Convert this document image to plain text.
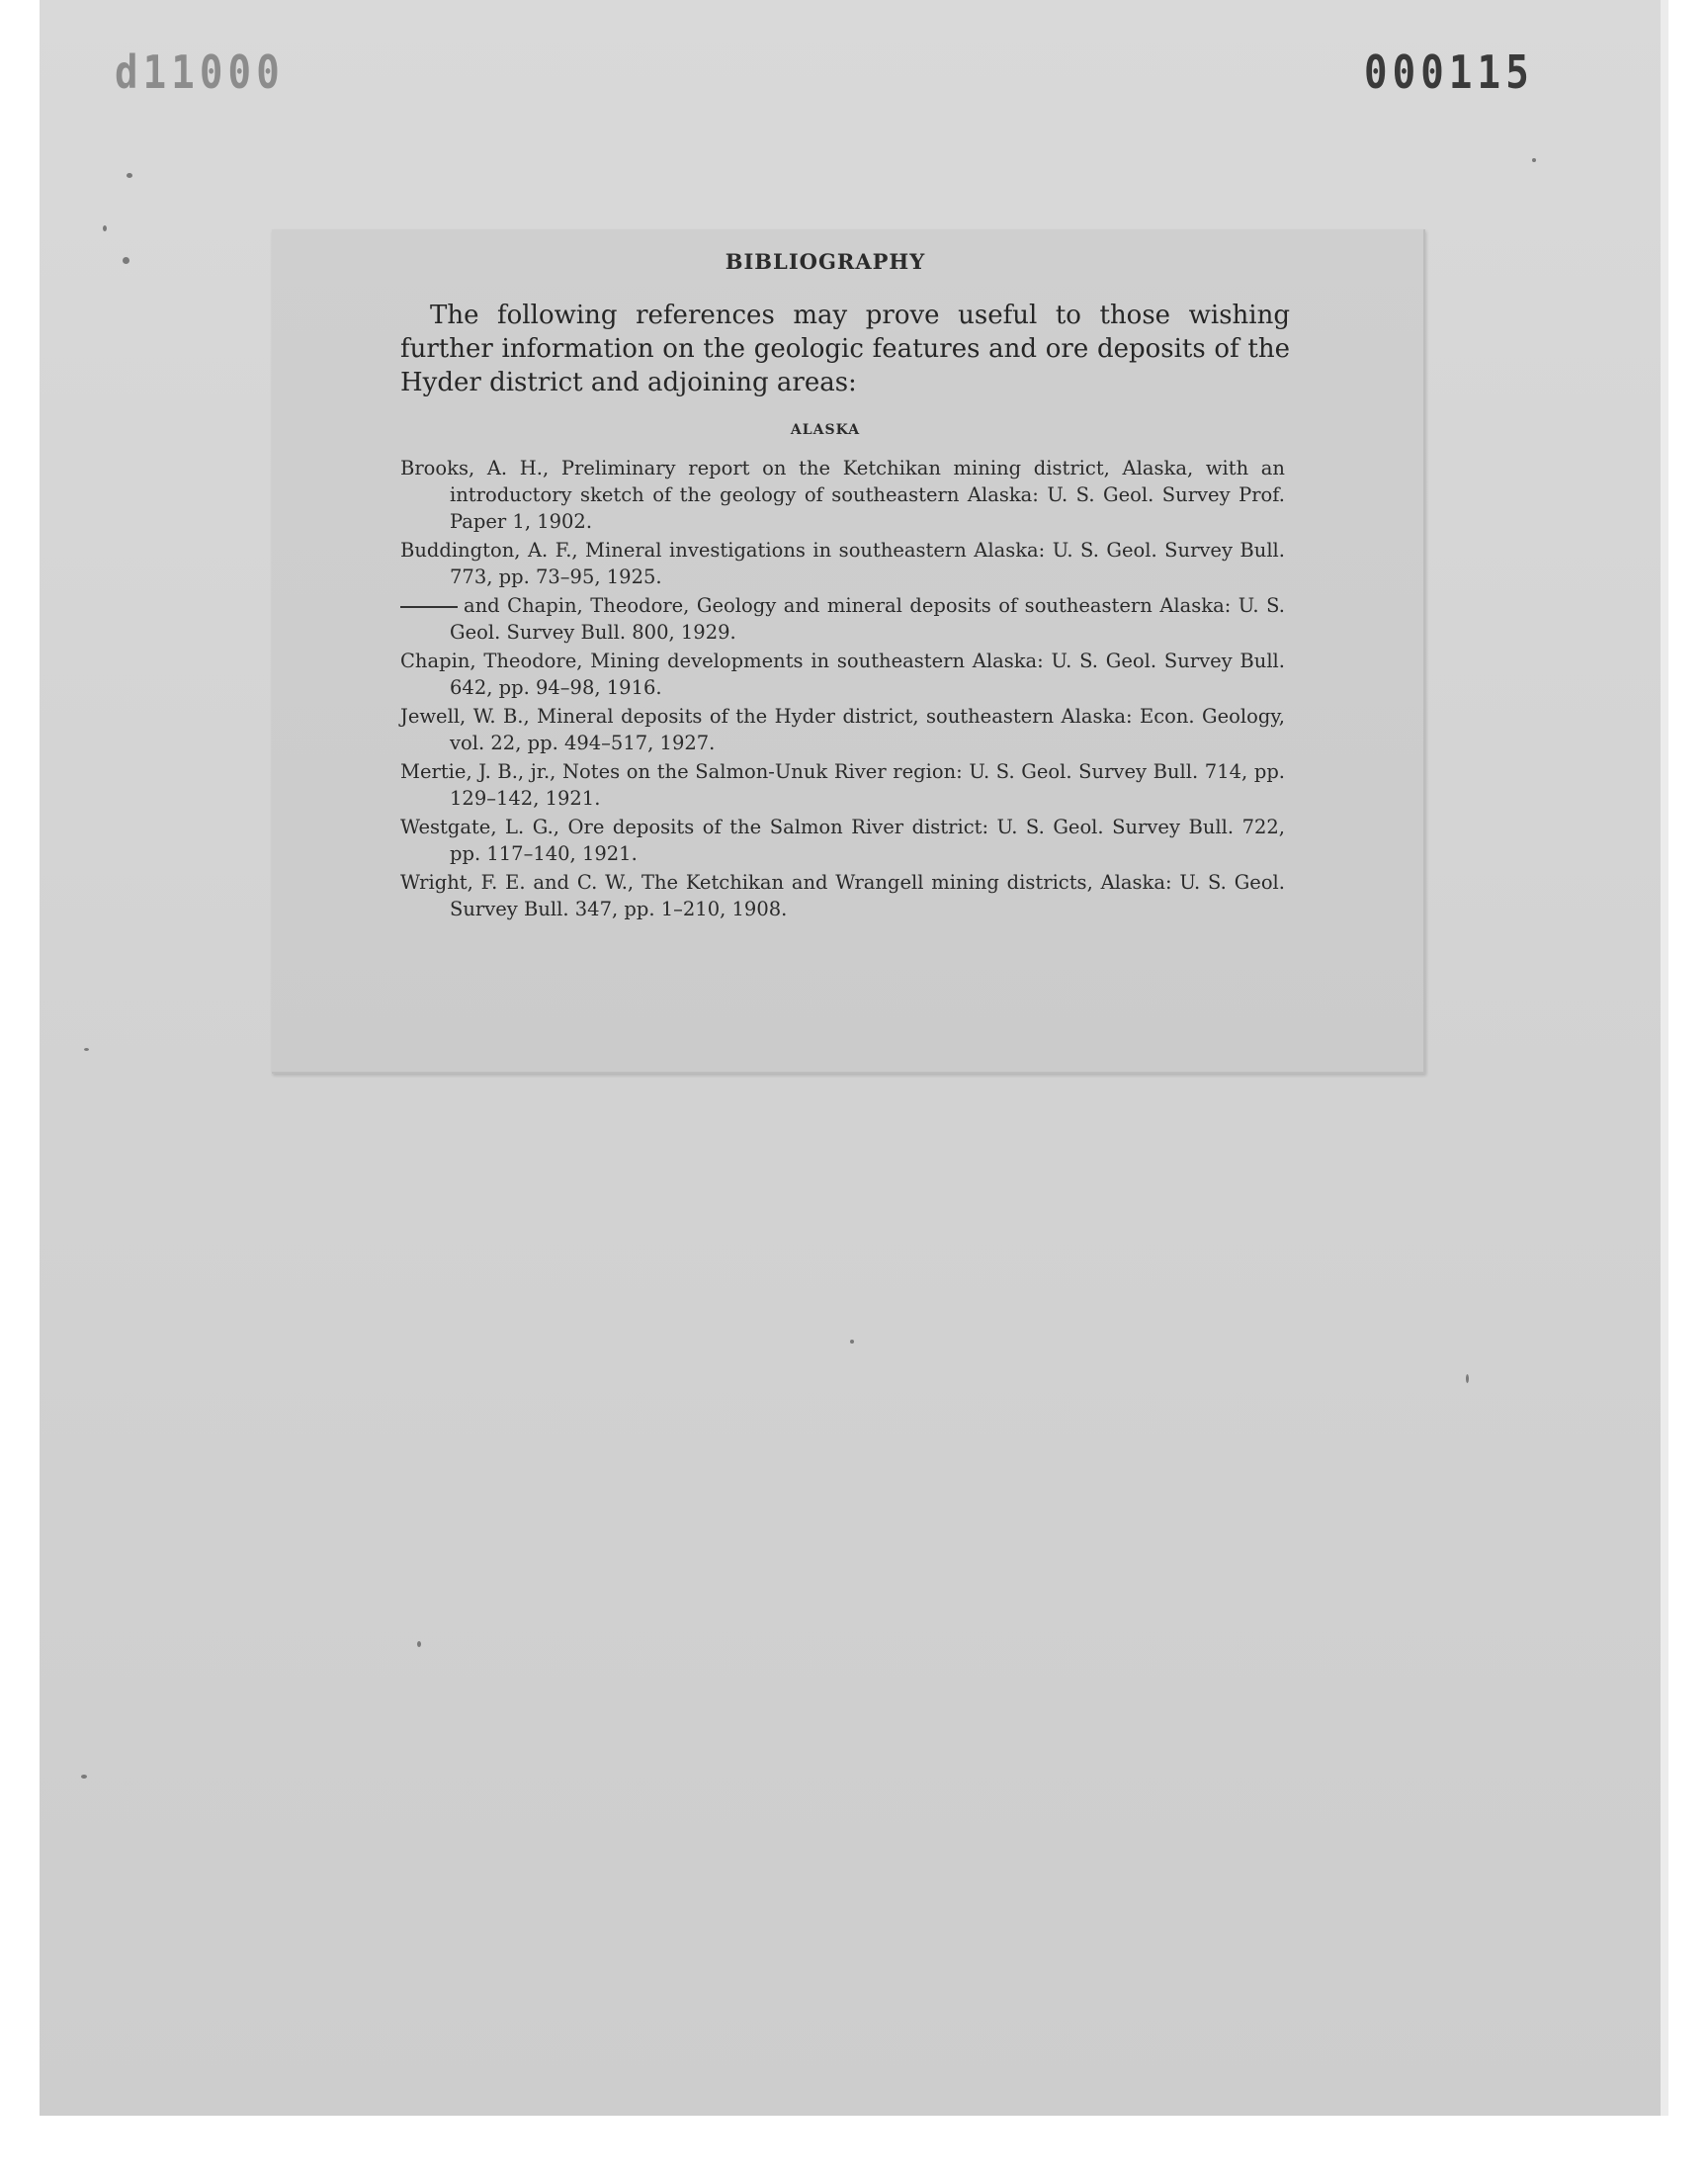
d11000	000115
BIBLIOGRAPHY
The following references may prove useful to those wishing further information on the geologic features and ore deposits of the Hyder district and adjoining areas:
ALASKA
Brooks, A. H., Preliminary report on the Ketchikan mining district, Alaska, with an introductory sketch of the geology of southeastern Alaska: U. S. Geol. Survey Prof. Paper 1, 1902.
Buddington, A. F., Mineral investigations in southeastern Alaska: U. S. Geol. Survey Bull. 773, pp. 73–95, 1925.
and Chapin, Theodore, Geology and mineral deposits of southeastern Alaska: U. S. Geol. Survey Bull. 800, 1929.
Chapin, Theodore, Mining developments in southeastern Alaska: U. S. Geol. Survey Bull. 642, pp. 94–98, 1916.
Jewell, W. B., Mineral deposits of the Hyder district, southeastern Alaska: Econ. Geology, vol. 22, pp. 494–517, 1927.
Mertie, J. B., jr., Notes on the Salmon-Unuk River region: U. S. Geol. Survey Bull. 714, pp. 129–142, 1921.
Westgate, L. G., Ore deposits of the Salmon River district: U. S. Geol. Survey Bull. 722, pp. 117–140, 1921.
Wright, F. E. and C. W., The Ketchikan and Wrangell mining districts, Alaska: U. S. Geol. Survey Bull. 347, pp. 1–210, 1908.
